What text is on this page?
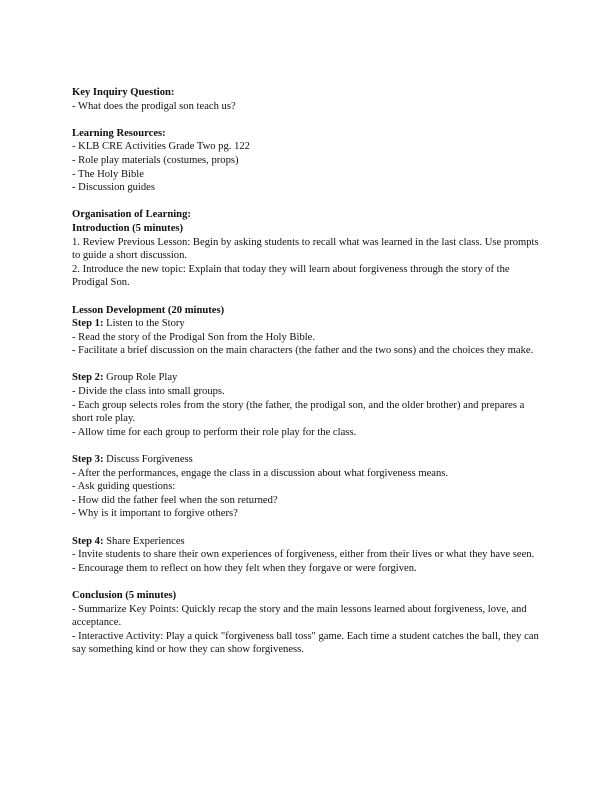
Key Inquiry Question:
- What does the prodigal son teach us?
Learning Resources:
- KLB CRE Activities Grade Two pg. 122
- Role play materials (costumes, props)
- The Holy Bible
- Discussion guides
Organisation of Learning:
Introduction (5 minutes)
1. Review Previous Lesson: Begin by asking students to recall what was learned in the last class. Use prompts to guide a short discussion.
2. Introduce the new topic: Explain that today they will learn about forgiveness through the story of the Prodigal Son.
Lesson Development (20 minutes)
Step 1: Listen to the Story
- Read the story of the Prodigal Son from the Holy Bible.
- Facilitate a brief discussion on the main characters (the father and the two sons) and the choices they make.
Step 2: Group Role Play
- Divide the class into small groups.
- Each group selects roles from the story (the father, the prodigal son, and the older brother) and prepares a short role play.
- Allow time for each group to perform their role play for the class.
Step 3: Discuss Forgiveness
- After the performances, engage the class in a discussion about what forgiveness means.
- Ask guiding questions:
- How did the father feel when the son returned?
- Why is it important to forgive others?
Step 4: Share Experiences
- Invite students to share their own experiences of forgiveness, either from their lives or what they have seen.
- Encourage them to reflect on how they felt when they forgave or were forgiven.
Conclusion (5 minutes)
- Summarize Key Points: Quickly recap the story and the main lessons learned about forgiveness, love, and acceptance.
- Interactive Activity: Play a quick "forgiveness ball toss" game. Each time a student catches the ball, they can say something kind or how they can show forgiveness.
